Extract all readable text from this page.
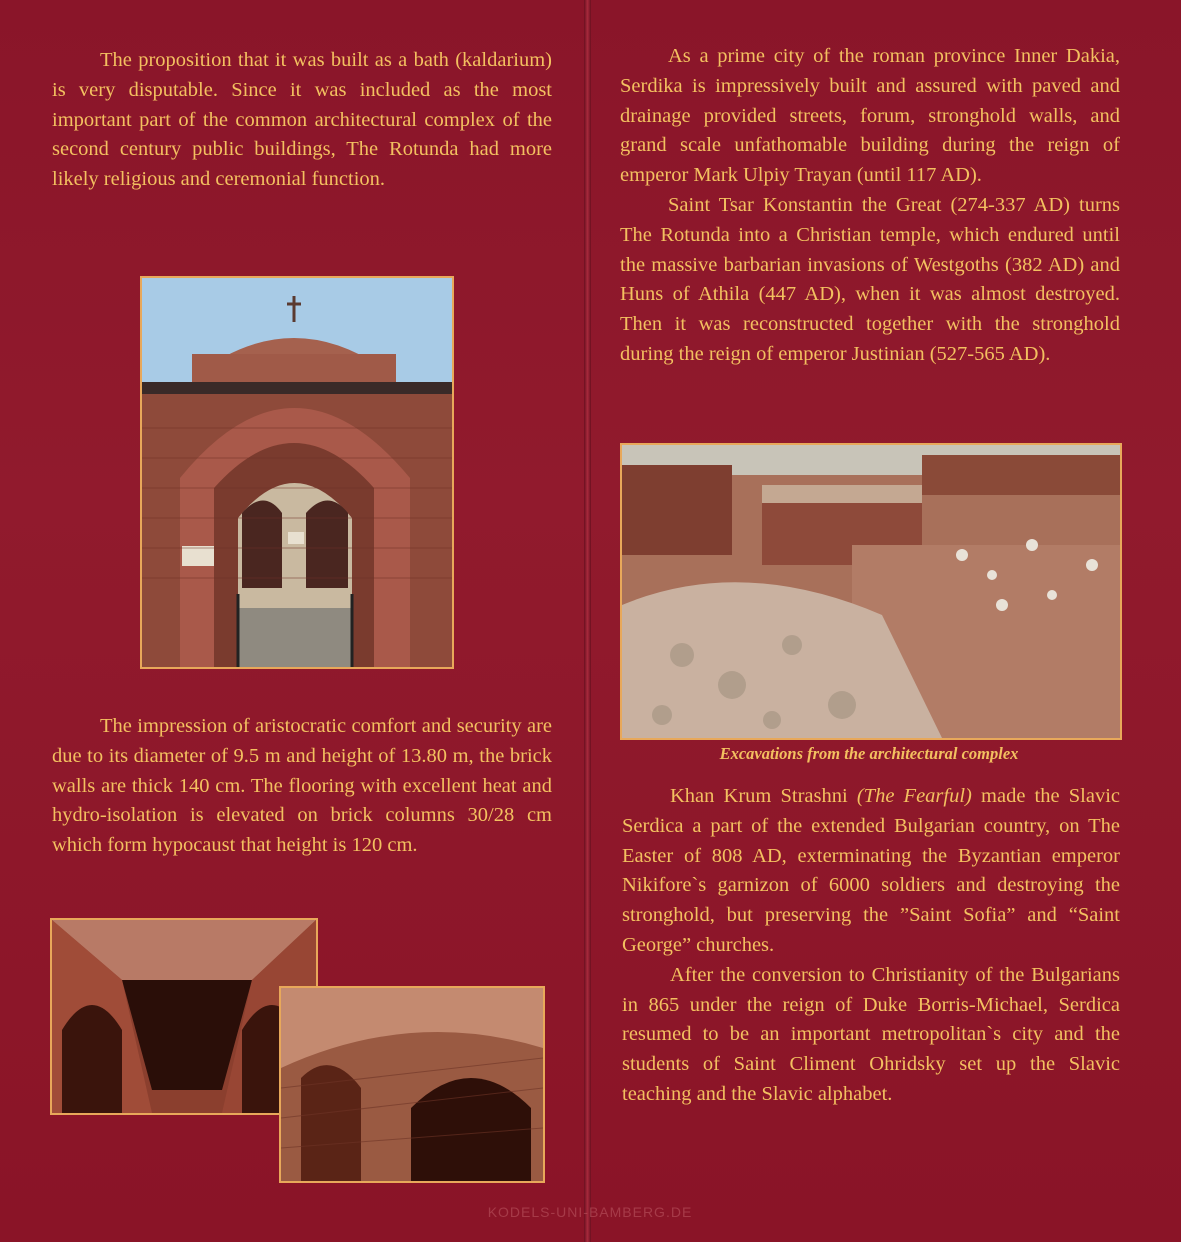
The proposition that it was built as a bath (kaldarium) is very disputable. Since it was included as the most important part of the common architectural complex of the second century public buildings, The Rotunda had more likely religious and ceremonial function.

The impression of aristocratic comfort and security are due to its diameter of 9.5 m and height of 13.80 m, the brick walls are thick 140 cm. The flooring with excellent heat and hydro-isolation is elevated on brick columns 30/28 cm which form hypocaust that height is 120 cm.

As a prime city of the roman province Inner Dakia, Serdika is impressively built and assured with paved and drainage provided streets, forum, stronghold walls, and grand scale unfathomable building during the reign of emperor Mark Ulpiy Trayan (until 117 AD).

Saint Tsar Konstantin the Great (274-337 AD) turns The Rotunda into a Christian temple, which endured until the massive barbarian invasions of Westgoths (382 AD) and Huns of Athila (447 AD), when it was almost destroyed. Then it was reconstructed together with the stronghold during the reign of emperor Justinian (527-565 AD).

Excavations from the architectural complex

Khan Krum Strashni (The Fearful) made the Slavic Serdica a part of the extended Bulgarian country, on The Easter of 808 AD, exterminating the Byzantian emperor Nikifore`s garnizon of 6000 soldiers and destroying the stronghold, but preserving the ”Saint Sofia” and “Saint George” churches.

After the conversion to Christianity of the Bulgarians in 865 under the reign of Duke Borris-Michael, Serdica resumed to be an important metropolitan`s city and the students of Saint Climent Ohridsky set up the Slavic teaching and the Slavic alphabet.

KODELS-UNI-BAMBERG.DE
